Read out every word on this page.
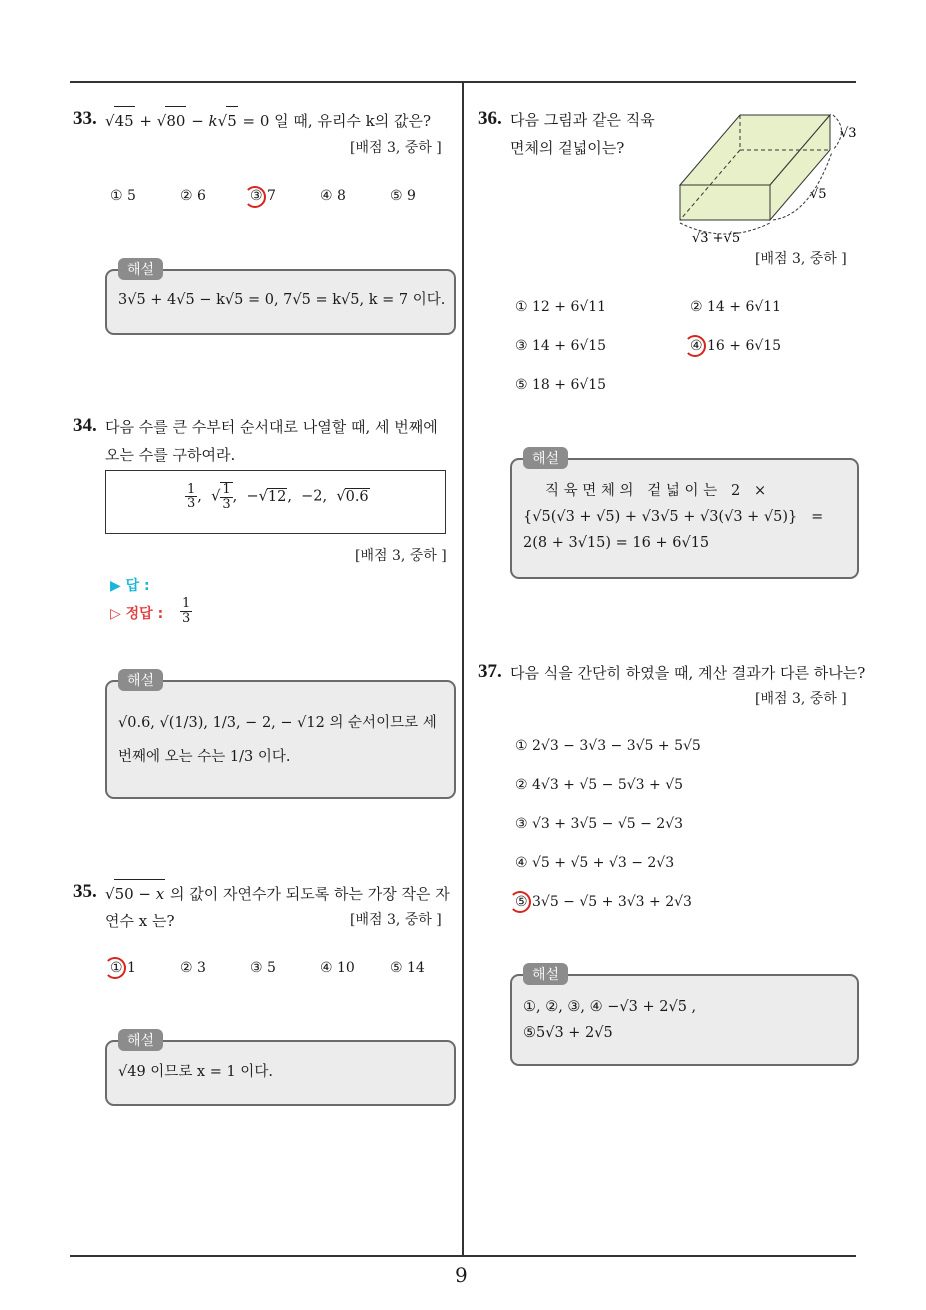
9
33. √45 + √80 − k√5 = 0 일 때, 유리수 k의 값은?
[배점 3, 중하 ]
① 5	② 6	③ 7	④ 8	⑤ 9
해설
3√5 + 4√5 − k√5 = 0, 7√5 = k√5, k = 7 이다.
34. 다음 수를 큰 수부터 순서대로 나열할 때, 세 번째에
오는 수를 구하여라.
$\frac{1}{3}$ ,  √ $\frac{1}{3}$ ,  −√12,  −2,  √0.6
[배점 3, 중하 ]
▶ 답 :
▷ 정답 : $\frac{1}{3}$
해설
√0.6, √(1/3), 1/3, − 2, − √12 의 순서이므로 세
번째에 오는 수는 1/3 이다.
35. √50 − x 의 값이 자연수가 되도록 하는 가장 작은 자
연수 x 는?	[배점 3, 중하 ]
① 1	② 3	③ 5	④ 10	⑤ 14
해설
√49 이므로 x = 1 이다.
36. 다음 그림과 같은 직육
면체의 겉넓이는?
√3
√5
√3 +√5
[배점 3, 중하 ]
① 12 + 6√11	② 14 + 6√11
③ 14 + 6√15	④ 16 + 6√15
⑤ 18 + 6√15
해설
직 육 면 체 의   겉 넓 이 는   2   ×
{√5(√3 + √5) + √3√5 + √3(√3 + √5)}   =
2(8 + 3√15) = 16 + 6√15
37. 다음 식을 간단히 하였을 때, 계산 결과가 다른 하나는?
[배점 3, 중하 ]
① 2√3 − 3√3 − 3√5 + 5√5
② 4√3 + √5 − 5√3 + √5
③ √3 + 3√5 − √5 − 2√3
④ √5 + √5 + √3 − 2√3
⑤ 3√5 − √5 + 3√3 + 2√3
해설
①, ②, ③, ④ −√3 + 2√5 ,
⑤5√3 + 2√5
